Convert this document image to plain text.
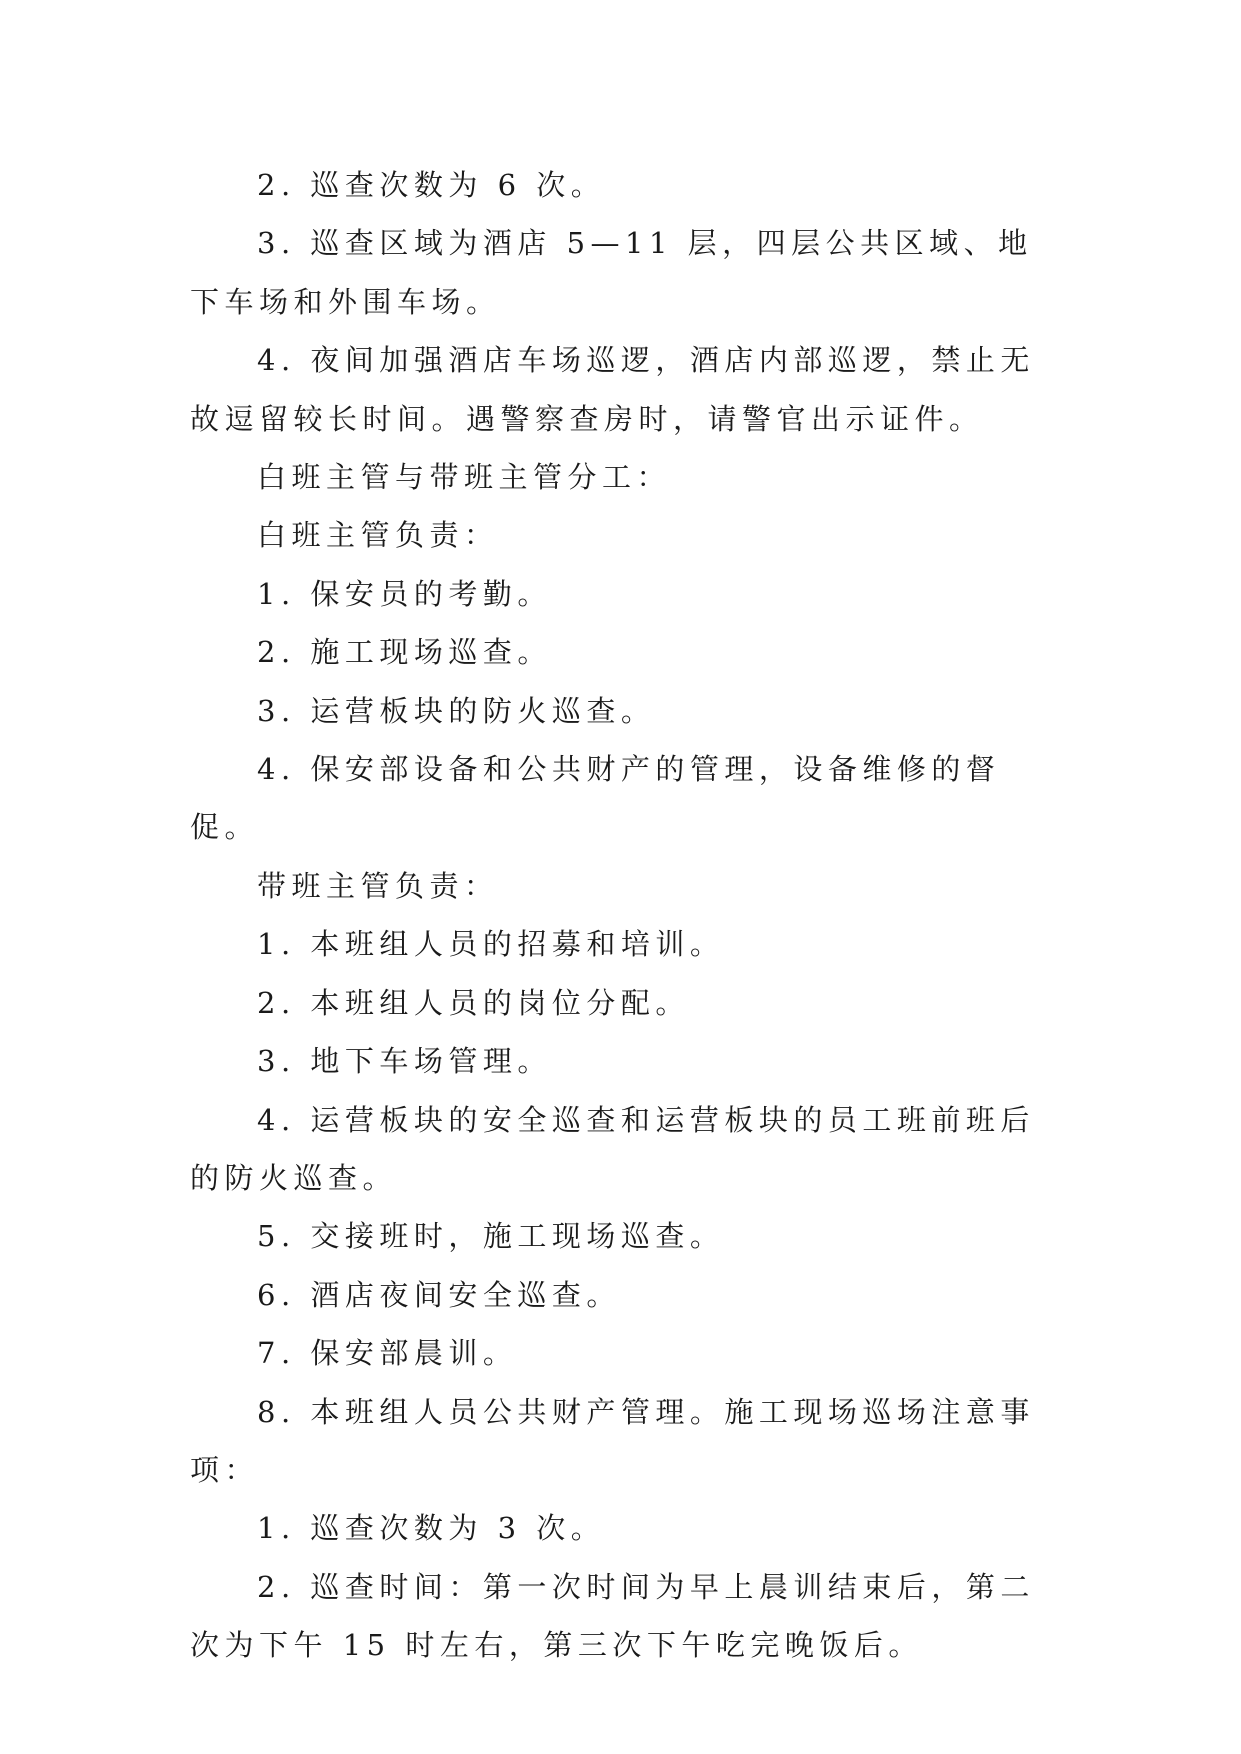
2. 巡查次数为 6 次。

3. 巡查区域为酒店 5—11 层，四层公共区域、地下车场和外围车场。

4. 夜间加强酒店车场巡逻，酒店内部巡逻，禁止无故逗留较长时间。遇警察查房时，请警官出示证件。

白班主管与带班主管分工：

白班主管负责：

1. 保安员的考勤。

2. 施工现场巡查。

3. 运营板块的防火巡查。

4. 保安部设备和公共财产的管理，设备维修的督促。

带班主管负责：

1. 本班组人员的招募和培训。

2. 本班组人员的岗位分配。

3. 地下车场管理。

4. 运营板块的安全巡查和运营板块的员工班前班后的防火巡查。

5. 交接班时，施工现场巡查。

6. 酒店夜间安全巡查。

7. 保安部晨训。

8. 本班组人员公共财产管理。施工现场巡场注意事项：

1. 巡查次数为 3 次。

2. 巡查时间：第一次时间为早上晨训结束后，第二次为下午 15 时左右，第三次下午吃完晚饭后。
